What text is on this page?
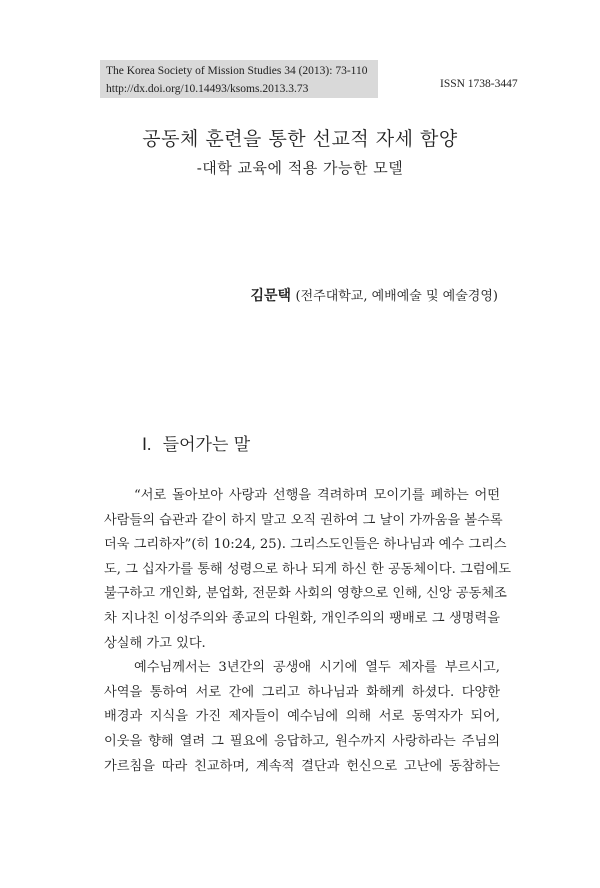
The Korea Society of Mission Studies 34 (2013): 73-110
http://dx.doi.org/10.14493/ksoms.2013.3.73	ISSN 1738-3447
공동체 훈련을 통한 선교적 자세 함양
-대학 교육에 적용 가능한 모델
김문택 (전주대학교, 예배예술 및 예술경영)
Ⅰ. 들어가는 말
“서로 돌아보아 사랑과 선행을 격려하며 모이기를 폐하는 어떤
사람들의 습관과 같이 하지 말고 오직 권하여 그 날이 가까움을 볼수록
더욱 그리하자”(히 10:24, 25). 그리스도인들은 하나님과 예수 그리스
도, 그 십자가를 통해 성령으로 하나 되게 하신 한 공동체이다. 그럼에도
불구하고 개인화, 분업화, 전문화 사회의 영향으로 인해, 신앙 공동체조
차 지나친 이성주의와 종교의 다원화, 개인주의의 팽배로 그 생명력을
상실해 가고 있다.
예수님께서는 3년간의 공생애 시기에 열두 제자를 부르시고,
사역을 통하여 서로 간에 그리고 하나님과 화해케 하셨다. 다양한
배경과 지식을 가진 제자들이 예수님에 의해 서로 동역자가 되어,
이웃을 향해 열려 그 필요에 응답하고, 원수까지 사랑하라는 주님의
가르침을 따라 친교하며, 계속적 결단과 헌신으로 고난에 동참하는
